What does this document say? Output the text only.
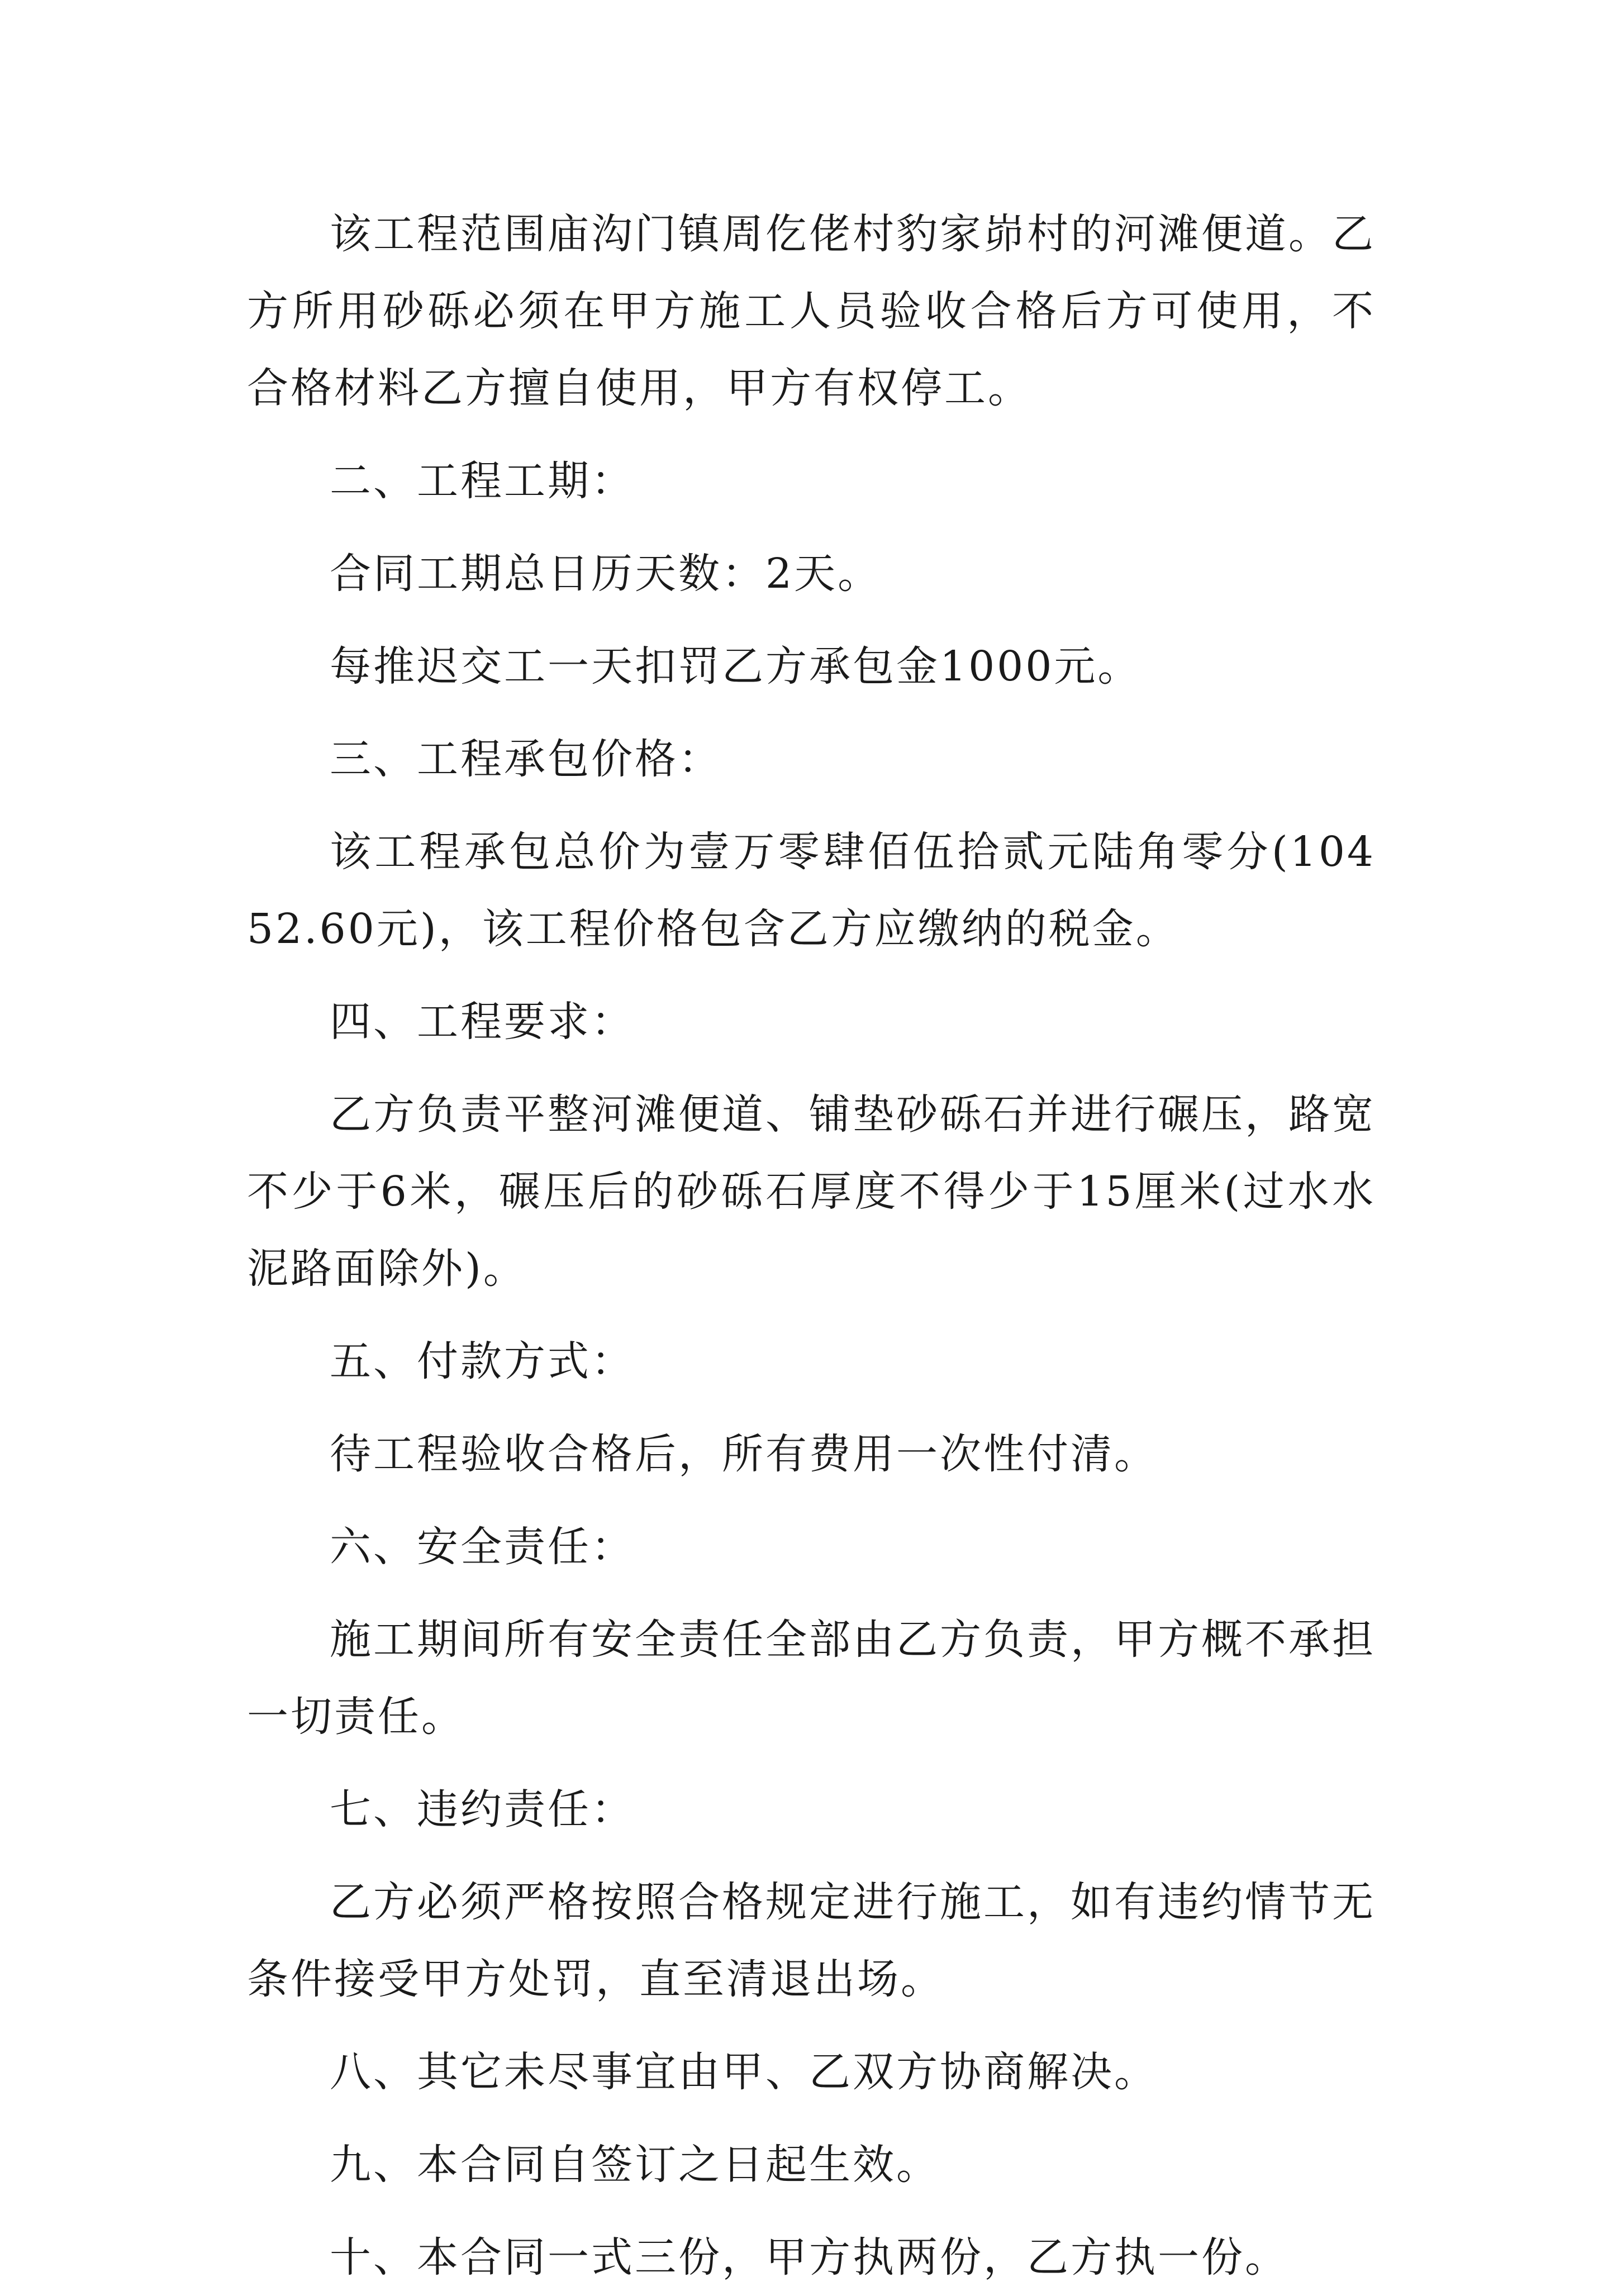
该工程范围庙沟门镇周仡佬村豹家峁村的河滩便道。乙方所用砂砾必须在甲方施工人员验收合格后方可使用，不合格材料乙方擅自使用，甲方有权停工。

二、工程工期：

合同工期总日历天数：2天。

每推迟交工一天扣罚乙方承包金1000元。

三、工程承包价格：

该工程承包总价为壹万零肆佰伍拾贰元陆角零分(10452.60元)，该工程价格包含乙方应缴纳的税金。

四、工程要求：

乙方负责平整河滩便道、铺垫砂砾石并进行碾压，路宽不少于6米，碾压后的砂砾石厚度不得少于15厘米(过水水泥路面除外)。

五、付款方式：

待工程验收合格后，所有费用一次性付清。

六、安全责任：

施工期间所有安全责任全部由乙方负责，甲方概不承担一切责任。

七、违约责任：

乙方必须严格按照合格规定进行施工，如有违约情节无条件接受甲方处罚，直至清退出场。

八、其它未尽事宜由甲、乙双方协商解决。

九、本合同自签订之日起生效。

十、本合同一式三份，甲方执两份，乙方执一份。
